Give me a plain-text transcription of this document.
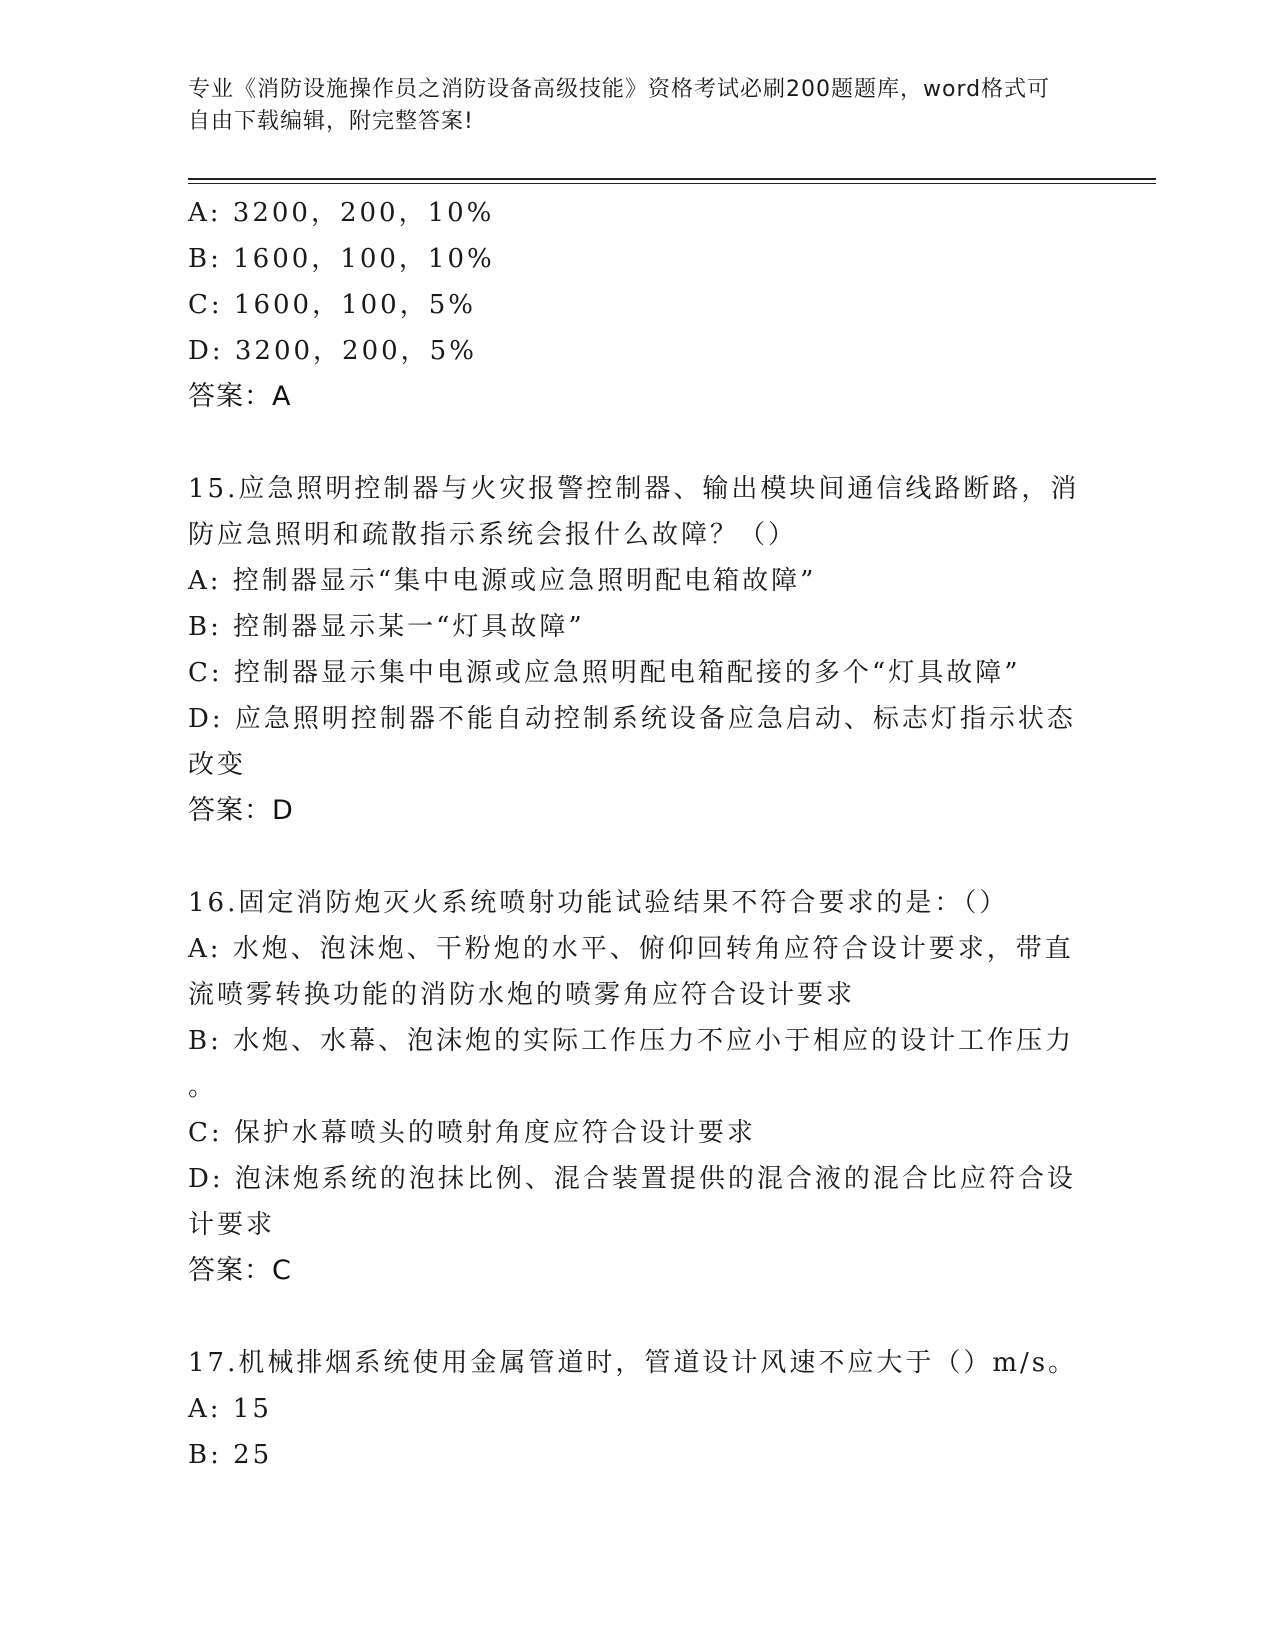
专业《消防设施操作员之消防设备高级技能》资格考试必刷200题题库，word格式可自由下载编辑，附完整答案!
A: 3200，200，10%
B: 1600，100，10%
C: 1600，100，5%
D: 3200，200，5%
答案：A
15.应急照明控制器与火灾报警控制器、输出模块间通信线路断路，消
防应急照明和疏散指示系统会报什么故障？（）
A: 控制器显示“集中电源或应急照明配电箱故障”
B: 控制器显示某一“灯具故障”
C: 控制器显示集中电源或应急照明配电箱配接的多个“灯具故障”
D: 应急照明控制器不能自动控制系统设备应急启动、标志灯指示状态
改变
答案：D
16.固定消防炮灭火系统喷射功能试验结果不符合要求的是：（）
A: 水炮、泡沫炮、干粉炮的水平、俯仰回转角应符合设计要求，带直
流喷雾转换功能的消防水炮的喷雾角应符合设计要求
B: 水炮、水幕、泡沫炮的实际工作压力不应小于相应的设计工作压力
。
C: 保护水幕喷头的喷射角度应符合设计要求
D: 泡沫炮系统的泡抹比例、混合装置提供的混合液的混合比应符合设
计要求
答案：C
17.机械排烟系统使用金属管道时，管道设计风速不应大于（）m/s。
A: 15
B: 25
